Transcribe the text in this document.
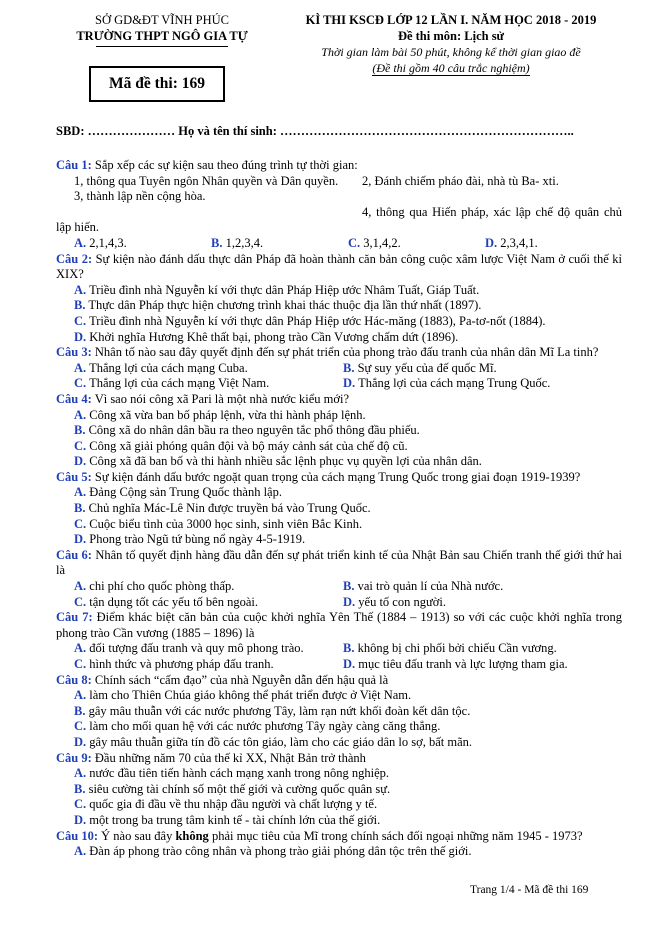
SỞ GD&ĐT VĨNH PHÚC
TRƯỜNG THPT NGÔ GIA TỰ
KÌ THI KSCĐ LỚP 12 LẦN I. NĂM HỌC 2018 - 2019
Đề thi môn: Lịch sử
Thời gian làm bài 50 phút, không kể thời gian giao đề
(Đề thi gồm 40 câu trắc nghiệm)
Mã đề thi: 169
SBD: ………………… Họ và tên thí sinh: ……………………………………………………………..
Câu 1: Sắp xếp các sự kiện sau theo đúng trình tự thời gian:
1, thông qua Tuyên ngôn Nhân quyền và Dân quyền.	2, Đánh chiếm pháo đài, nhà tù Ba- xti.
3, thành lập nền cộng hòa.
4, thông qua Hiến pháp, xác lập chế độ quân chủ lập hiến.
A. 2,1,4,3.	B. 1,2,3,4.	C. 3,1,4,2.	D. 2,3,4,1.
Câu 2: Sự kiện nào đánh dấu thực dân Pháp đã hoàn thành căn bản công cuộc xâm lược Việt Nam ở cuối thế kỉ XIX?
A. Triều đình nhà Nguyễn kí với thực dân Pháp Hiệp ước Nhâm Tuất, Giáp Tuất.
B. Thực dân Pháp thực hiện chương trình khai thác thuộc địa lần thứ nhất (1897).
C. Triều đình nhà Nguyễn kí với thực dân Pháp Hiệp ước Hác-măng (1883), Pa-tơ-nốt (1884).
D. Khởi nghĩa Hương Khê thất bại, phong trào Cần Vương chấm dứt (1896).
Câu 3: Nhân tố nào sau đây quyết định đến sự phát triển của phong trào đấu tranh của nhân dân Mĩ La tinh?
A. Thắng lợi của cách mạng Cuba.	B. Sự suy yếu của đế quốc Mĩ.
C. Thắng lợi của cách mạng Việt Nam.	D. Thắng lợi của cách mạng Trung Quốc.
Câu 4: Vì sao nói công xã Pari là một nhà nước kiểu mới?
A. Công xã vừa ban bố pháp lệnh, vừa thi hành pháp lệnh.
B. Công xã do nhân dân bầu ra theo nguyên tắc phổ thông đầu phiếu.
C. Công xã giải phóng quân đội và bộ máy cảnh sát của chế độ cũ.
D. Công xã đã ban bố và thi hành nhiều sắc lệnh phục vụ quyền lợi của nhân dân.
Câu 5: Sự kiện đánh dấu bước ngoặt quan trọng của cách mạng Trung Quốc trong giai đoạn 1919-1939?
A. Đảng Cộng sản Trung Quốc thành lập.
B. Chủ nghĩa Mác-Lê Nin được truyền bá vào Trung Quốc.
C. Cuộc biểu tình của 3000 học sinh, sinh viên Bắc Kinh.
D. Phong trào Ngũ tứ bùng nổ ngày 4-5-1919.
Câu 6: Nhân tố quyết định hàng đầu dẫn đến sự phát triển kinh tế của Nhật Bản sau Chiến tranh thế giới thứ hai là
A. chi phí cho quốc phòng thấp.	B. vai trò quản lí của Nhà nước.
C. tận dụng tốt các yếu tố bên ngoài.	D. yếu tố con người.
Câu 7: Điểm khác biệt căn bản của cuộc khởi nghĩa Yên Thế (1884 – 1913) so với các cuộc khởi nghĩa trong phong trào Cần vương (1885 – 1896) là
A. đối tượng đấu tranh và quy mô phong trào.	B. không bị chi phối bởi chiếu Cần vương.
C. hình thức và phương pháp đấu tranh.	D. mục tiêu đấu tranh và lực lượng tham gia.
Câu 8: Chính sách “cấm đạo” của nhà Nguyễn dẫn đến hậu quả là
A. làm cho Thiên Chúa giáo không thể phát triển được ở Việt Nam.
B. gây mâu thuẫn với các nước phương Tây, làm rạn nứt khối đoàn kết dân tộc.
C. làm cho mối quan hệ với các nước phương Tây ngày càng căng thẳng.
D. gây mâu thuẫn giữa tín đồ các tôn giáo, làm cho các giáo dân lo sợ, bất mãn.
Câu 9: Đầu những năm 70 của thế kỉ XX, Nhật Bản trở thành
A. nước đầu tiên tiến hành cách mạng xanh trong nông nghiệp.
B. siêu cường tài chính số một thế giới và cường quốc quân sự.
C. quốc gia đi đầu về thu nhập đầu người và chất lượng y tế.
D. một trong ba trung tâm kinh tế - tài chính lớn của thế giới.
Câu 10: Ý nào sau đây không phải mục tiêu của Mĩ trong chính sách đối ngoại những năm 1945 - 1973?
A. Đàn áp phong trào công nhân và phong trào giải phóng dân tộc trên thế giới.
Trang 1/4 - Mã đề thi 169
